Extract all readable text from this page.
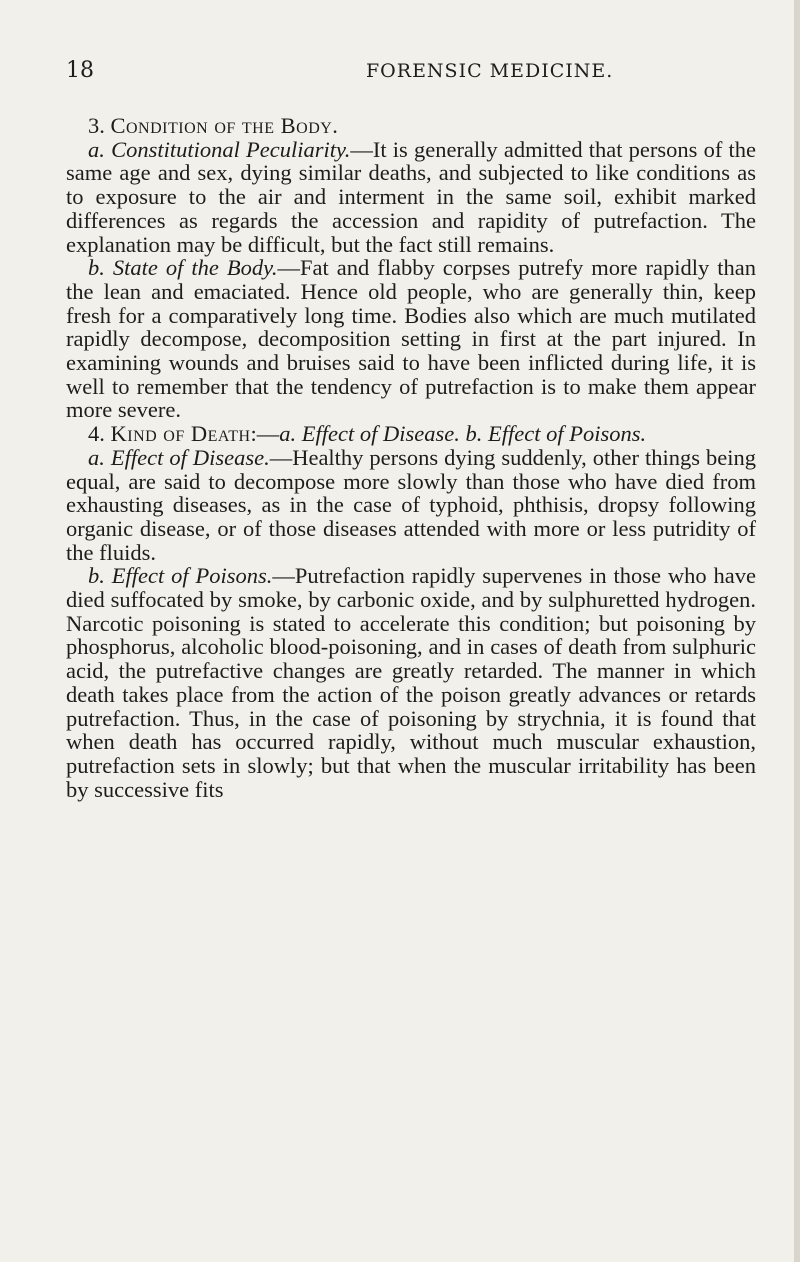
18	FORENSIC MEDICINE.

3. Condition of the Body.

a. Constitutional Peculiarity.—It is generally admitted that persons of the same age and sex, dying similar deaths, and subjected to like conditions as to exposure to the air and interment in the same soil, exhibit marked differences as regards the accession and rapidity of putrefaction. The explanation may be difficult, but the fact still remains.

b. State of the Body.—Fat and flabby corpses putrefy more rapidly than the lean and emaciated. Hence old people, who are generally thin, keep fresh for a comparatively long time. Bodies also which are much mutilated rapidly decompose, decomposition setting in first at the part injured. In examining wounds and bruises said to have been inflicted during life, it is well to remember that the tendency of putrefaction is to make them appear more severe.

4. Kind of Death:—a. Effect of Disease. b. Effect of Poisons.

a. Effect of Disease.—Healthy persons dying suddenly, other things being equal, are said to decompose more slowly than those who have died from exhausting diseases, as in the case of typhoid, phthisis, dropsy following organic disease, or of those diseases attended with more or less putridity of the fluids.

b. Effect of Poisons.—Putrefaction rapidly supervenes in those who have died suffocated by smoke, by carbonic oxide, and by sulphuretted hydrogen. Narcotic poisoning is stated to accelerate this condition; but poisoning by phosphorus, alcoholic blood-poisoning, and in cases of death from sulphuric acid, the putrefactive changes are greatly retarded. The manner in which death takes place from the action of the poison greatly advances or retards putrefaction. Thus, in the case of poisoning by strychnia, it is found that when death has occurred rapidly, without much muscular exhaustion, putrefaction sets in slowly; but that when the muscular irritability has been by successive fits
